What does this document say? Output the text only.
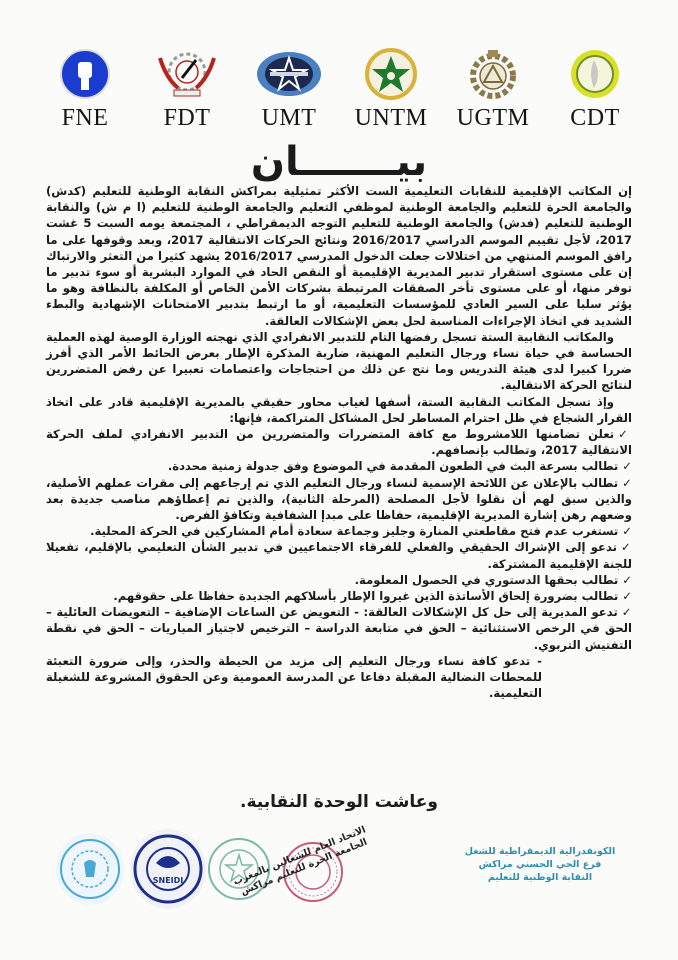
FNE FDT UMT UNTM UGTM CDT
بيـــــــان

إن المكاتب الإقليمية للنقابات التعليمية الست الأكثر تمثيلية بمراكش النقابة الوطنية للتعليم (كدش) والجامعة الحرة للتعليم والجامعة الوطنية لموظفي التعليم والجامعة الوطنية للتعليم (ا م ش) والنقابة الوطنية للتعليم (فدش) والجامعة الوطنية للتعليم التوجه الديمقراطي ، المجتمعة يومه السبت 5 غشت 2017، لأجل تقييم الموسم الدراسي 2016/2017 ونتائج الحركات الانتقالية 2017، وبعد وقوفها على ما رافق الموسم المنتهي من اختلالات جعلت الدخول المدرسي 2016/2017 يشهد كثيرا من التعثر والارتباك إن على مستوى استقرار تدبير المديرية الإقليمية أو النقص الحاد في الموارد البشرية أو سوء تدبير ما توفر منها، أو على مستوى تأخر الصفقات المرتبطة بشركات الأمن الخاص أو المكلفة بالنظافة وهو ما يؤثر سلبا على السير العادي للمؤسسات التعليمية، أو ما ارتبط بتدبير الامتحانات الإشهادية والبطء الشديد في اتخاذ الإجراءات المناسبة لحل بعض الإشكالات العالقة.

والمكاتب النقابية الستة تسجل رفضها التام للتدبير الانفرادي الذي نهجته الوزارة الوصية لهذه العملية الحساسة في حياة نساء ورجال التعليم المهنية، ضاربة المذكرة الإطار بعرض الحائط الأمر الذي أفرز ضررا كبيرا لدى هيئة التدريس وما نتج عن ذلك من احتجاجات واعتصامات تعبيرا عن رفض المتضررين لنتائج الحركة الانتقالية.

وإذ تسجل المكاتب النقابية الستة، أسفها لغياب محاور حقيقي بالمديرية الإقليمية قادر على اتخاذ القرار الشجاع في ظل احترام المساطر لحل المشاكل المتراكمة، فإنها:

✓تعلن تضامنها اللامشروط مع كافة المتضررات والمتضررين من التدبير الانفرادي لملف الحركة الانتقالية 2017، وتطالب بإنصافهم.

✓تطالب بسرعة البث في الطعون المقدمة في الموضوع وفق جدولة زمنية محددة.

✓تطالب بالإعلان عن اللائحة الإسمية لنساء ورجال التعليم الذي تم إرجاعهم إلى مقرات عملهم الأصلية، والذين سبق لهم أن نقلوا لأجل المصلحة (المرحلة الثانية)، والذين تم إعطاؤهم مناصب جديدة بعد وضعهم رهن إشارة المديرية الإقليمية، حفاظا على مبدإ الشفافية وتكافؤ الفرص.

✓تستغرب عدم فتح مقاطعتي المنارة وجليز وجماعة سعادة أمام المشاركين في الحركة المحلية.

✓تدعو إلى الإشراك الحقيقي والفعلي للفرقاء الاجتماعيين في تدبير الشأن التعليمي بالإقليم، تفعيلا للجنة الإقليمية المشتركة.

✓تطالب بحقها الدستوري في الحصول المعلومة.

✓تطالب بضرورة إلحاق الأساتذة الذين غيروا الإطار بأسلاكهم الجديدة حفاظا على حقوقهم.

✓تدعو المديرية إلى حل كل الإشكالات العالقة: - التعويض عن الساعات الإضافية – التعويضات العائلية – الحق في الرخص الاستثنائية – الحق في متابعة الدراسة – الترخيص لاجتياز المباريات – الحق في نقطة التفتيش التربوي.

- تدعو كافة نساء ورجال التعليم إلى مزيد من الحيطة والحذر، وإلى ضرورة التعبئة للمحطات النضالية المقبلة دفاعا عن المدرسة العمومية وعن الحقوق المشروعة للشغيلة التعليمية.

وعاشت الوحدة النقابية.
SNEIDI	الاتحاد العام للشغالين بالمغرب الجامعة الحرة للتعليم مراكش	الكونفدرالية الديمقراطية للشغل
فرع الحي الحسني مراكش
النقابة الوطنية للتعليم
